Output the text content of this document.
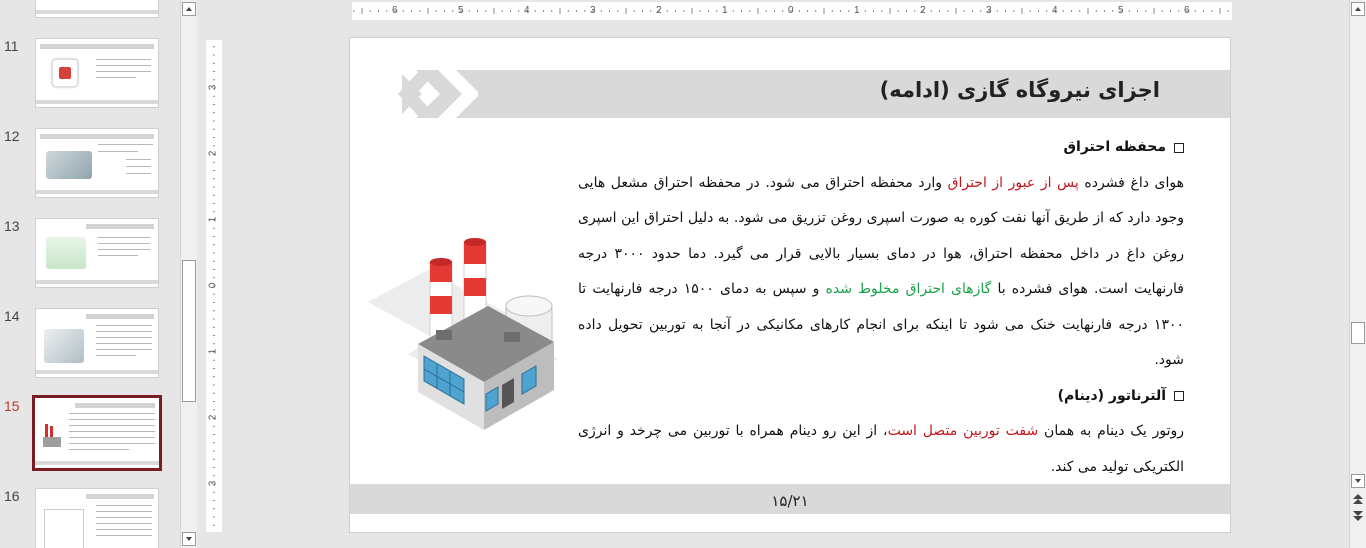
11
12
13
14
15
16
6	5	4	3	2	1	0	1	2	3	4	5	6
3
2
1
0
1
2
3
اجزای نیروگاه گازی (ادامه)
محفظه احتراق

هوای داغ فشرده پس از عبور از احتراق وارد محفظه احتراق می شود. در محفظه احتراق مشعل هایی وجود دارد که از طریق آنها نفت کوره به صورت اسپری روغن تزریق می شود. به دلیل احتراق این اسپری روغن داغ در داخل محفظه احتراق، هوا در دمای بسیار بالایی قرار می گیرد. دما حدود ۳۰۰۰ درجه فارنهایت است. هوای فشرده با گازهای احتراق مخلوط شده و سپس به دمای ۱۵۰۰ درجه فارنهایت تا ۱۳۰۰ درجه فارنهایت خنک می شود تا اینکه برای انجام کارهای مکانیکی در آنجا به توربین تحویل داده شود.

آلترناتور (دینام)

روتور یک دینام به همان شفت توربین متصل است، از این رو دینام همراه با توربین می چرخد و انرژی الکتریکی تولید می کند.

۱۵/۲۱
